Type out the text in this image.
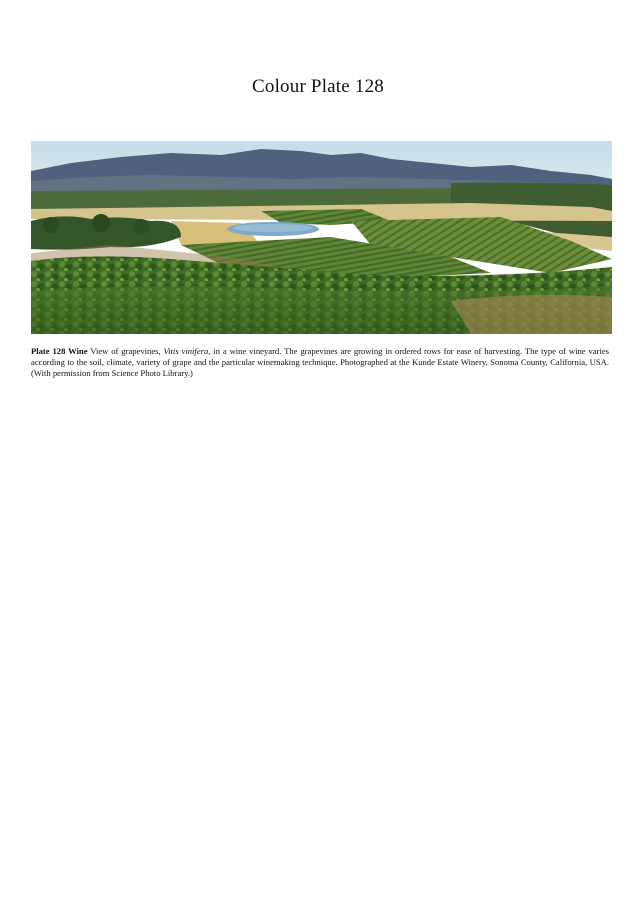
Colour Plate 128
Plate 128 Wine View of grapevines, Vitis vinifera, in a wine vineyard. The grapevines are growing in ordered rows for ease of harvesting. The type of wine varies according to the soil, climate, variety of grape and the particular winemaking technique. Photographed at the Kunde Estate Winery, Sonoma County, California, USA. (With permission from Science Photo Library.)
